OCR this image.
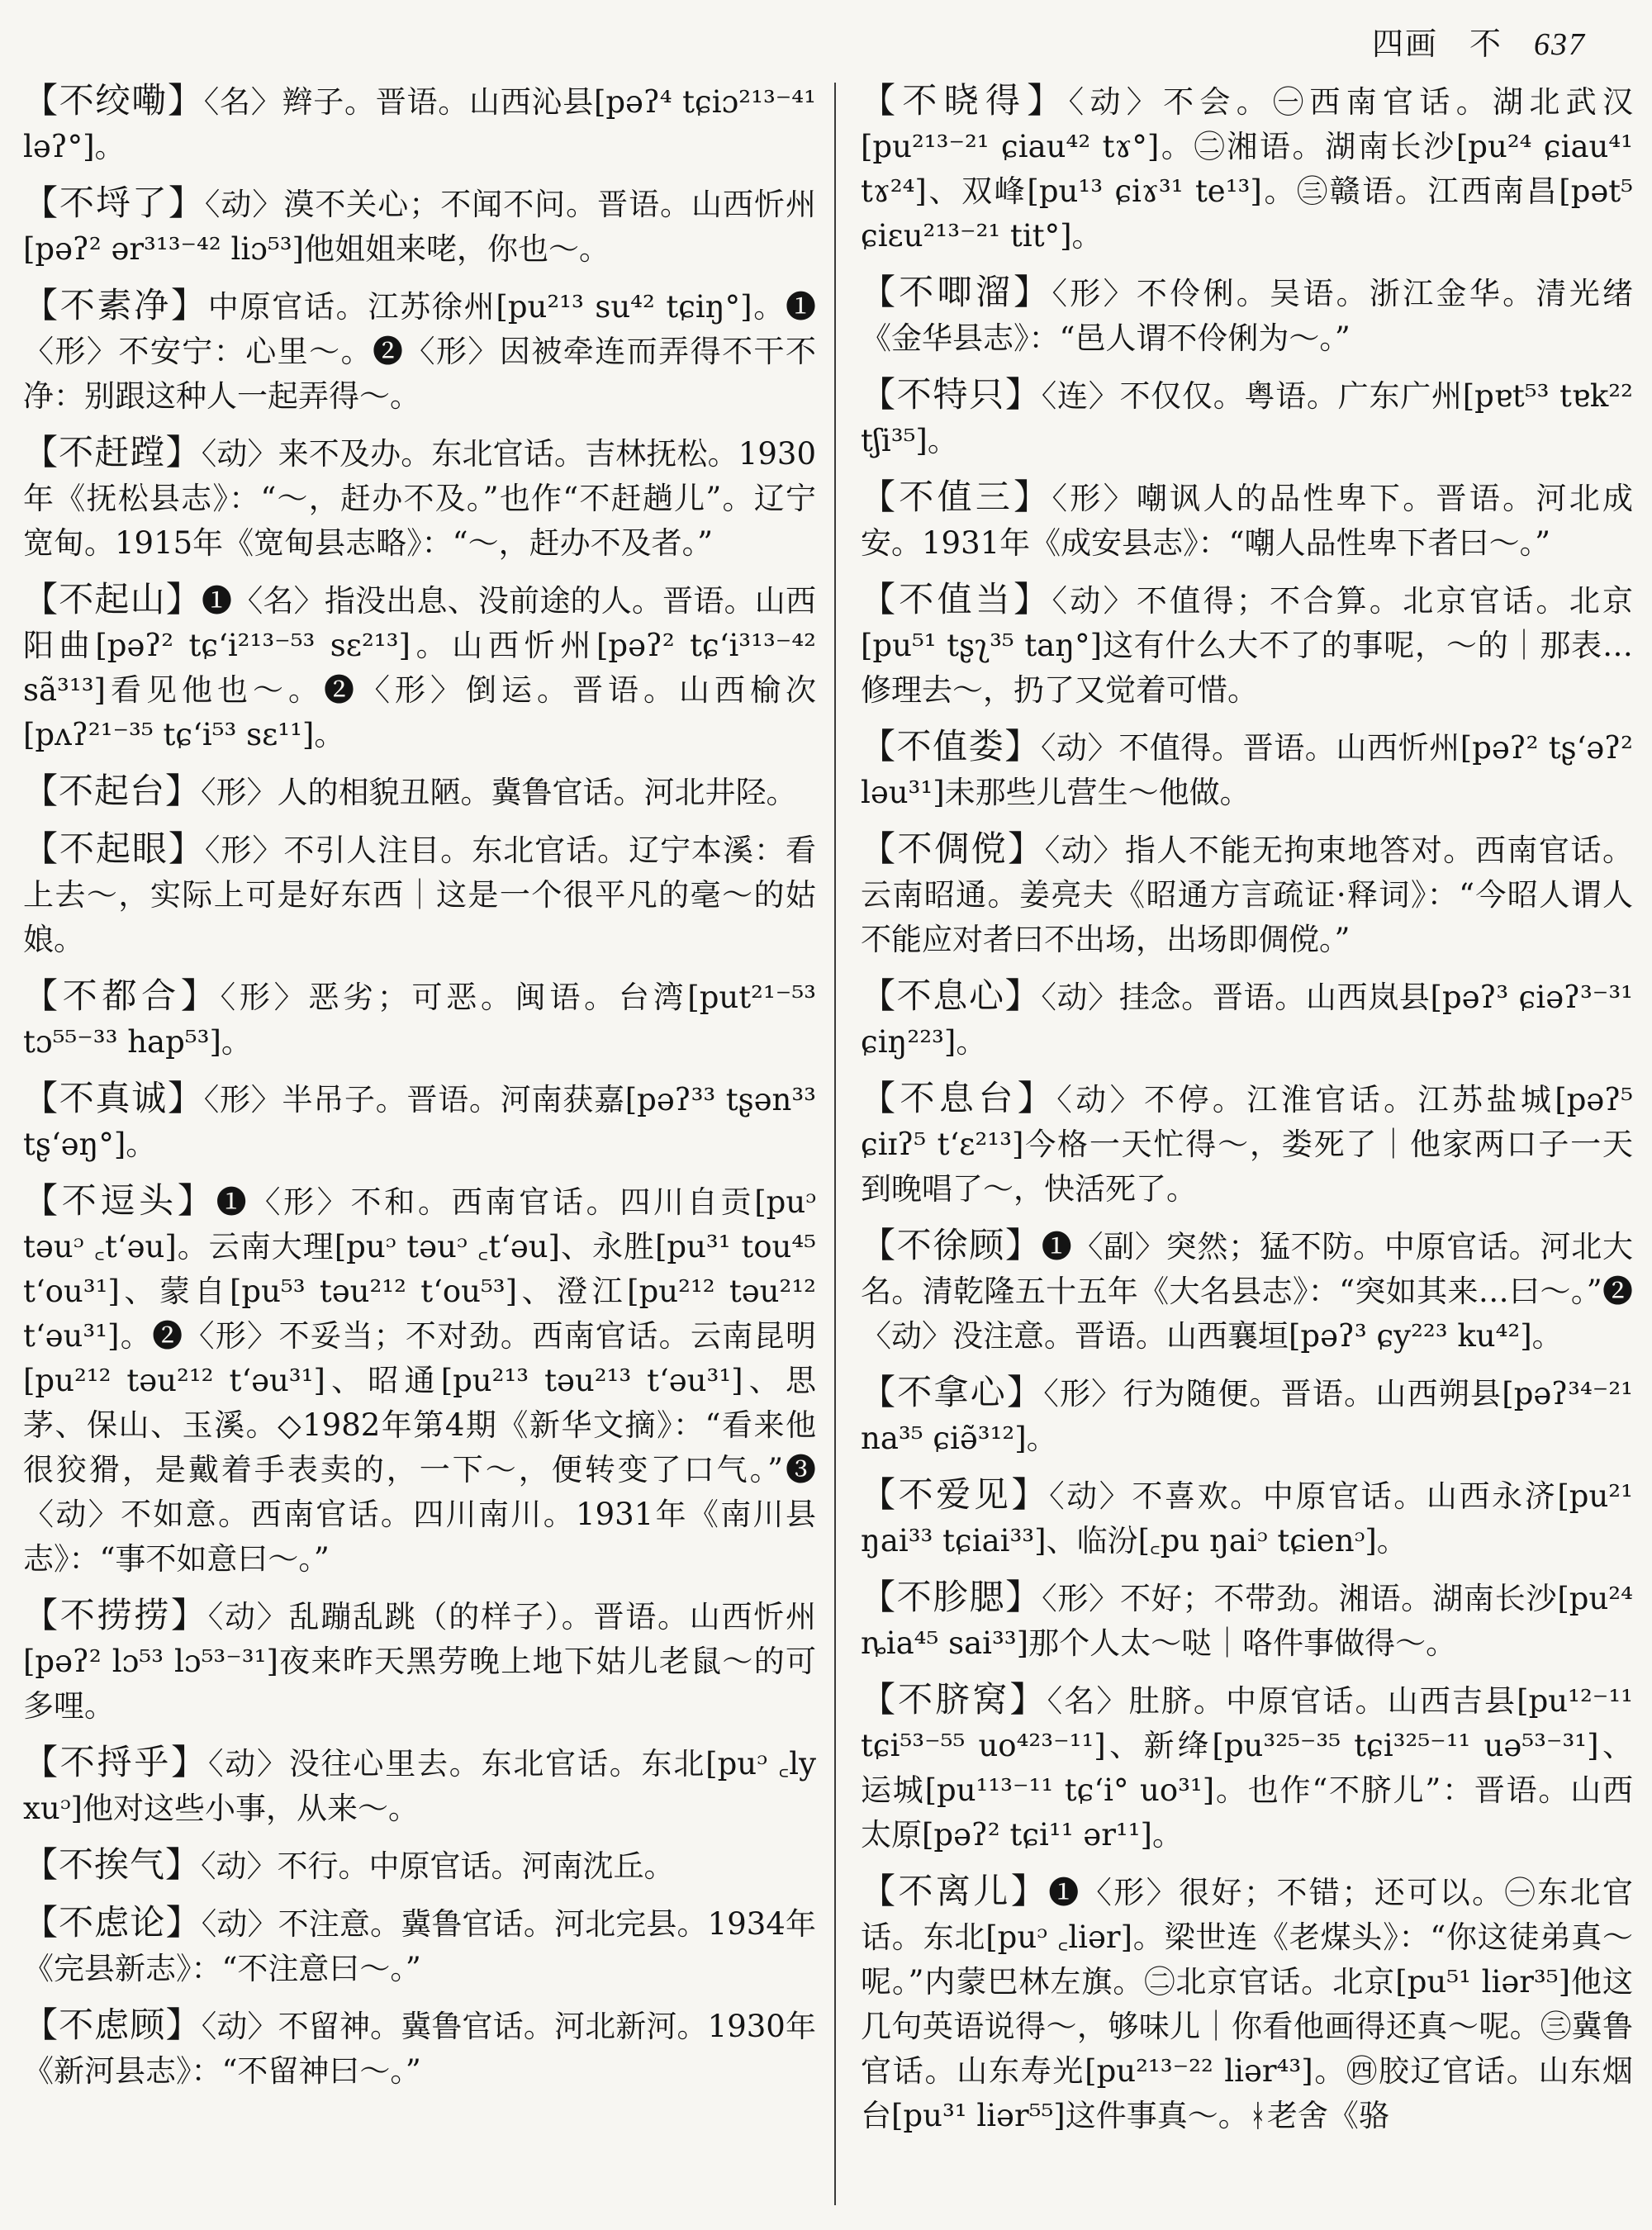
四画 不 637

【不绞嘞】〈名〉辫子。晋语。山西沁县[pəʔ⁴ tɕiɔ²¹³⁻⁴¹ ləʔ°]。

【不埒了】〈动〉漠不关心；不闻不问。晋语。山西忻州[pəʔ² ər³¹³⁻⁴² liɔ⁵³]他姐姐来咾，你也～。

【不素净】中原官话。江苏徐州[pu²¹³ su⁴² tɕiŋ°]。❶〈形〉不安宁：心里～。❷〈形〉因被牵连而弄得不干不净：别跟这种人一起弄得～。

【不赶蹚】〈动〉来不及办。东北官话。吉林抚松。1930年《抚松县志》：“～，赶办不及。”也作“不赶趟儿”。辽宁宽甸。1915年《宽甸县志略》：“～，赶办不及者。”

【不起山】❶〈名〉指没出息、没前途的人。晋语。山西阳曲[pəʔ² tɕʻi²¹³⁻⁵³ sɛ²¹³]。山西忻州[pəʔ² tɕʻi³¹³⁻⁴² sã³¹³]看见他也～。❷〈形〉倒运。晋语。山西榆次[pʌʔ²¹⁻³⁵ tɕʻi⁵³ sɛ¹¹]。

【不起台】〈形〉人的相貌丑陋。冀鲁官话。河北井陉。

【不起眼】〈形〉不引人注目。东北官话。辽宁本溪：看上去～，实际上可是好东西｜这是一个很平凡的毫～的姑娘。

【不都合】〈形〉恶劣；可恶。闽语。台湾[put²¹⁻⁵³ tɔ⁵⁵⁻³³ hap⁵³]。

【不真诚】〈形〉半吊子。晋语。河南获嘉[pəʔ³³ tʂən³³ tʂʻəŋ°]。

【不逗头】❶〈形〉不和。西南官话。四川自贡[puᵓ təuᵓ ꜀tʻəu]。云南大理[puᵓ təuᵓ ꜀tʻəu]、永胜[pu³¹ tou⁴⁵ tʻou³¹]、蒙自[pu⁵³ təu²¹² tʻou⁵³]、澄江[pu²¹² təu²¹² tʻəu³¹]。❷〈形〉不妥当；不对劲。西南官话。云南昆明[pu²¹² təu²¹² tʻəu³¹]、昭通[pu²¹³ təu²¹³ tʻəu³¹]、思茅、保山、玉溪。◇1982年第4期《新华文摘》：“看来他很狡猾，是戴着手表卖的，一下～，便转变了口气。”❸〈动〉不如意。西南官话。四川南川。1931年《南川县志》：“事不如意曰～。”

【不捞捞】〈动〉乱蹦乱跳（的样子）。晋语。山西忻州[pəʔ² lɔ⁵³ lɔ⁵³⁻³¹]夜来昨天黑劳晚上地下姑儿老鼠～的可多哩。

【不捋乎】〈动〉没往心里去。东北官话。东北[puᵓ ꜀ly xuᵓ]他对这些小事，从来～。

【不挨气】〈动〉不行。中原官话。河南沈丘。

【不虑论】〈动〉不注意。冀鲁官话。河北完县。1934年《完县新志》：“不注意曰～。”

【不虑顾】〈动〉不留神。冀鲁官话。河北新河。1930年《新河县志》：“不留神曰～。”

【不晓得】〈动〉不会。㊀西南官话。湖北武汉[pu²¹³⁻²¹ ɕiau⁴² tɤ°]。㊁湘语。湖南长沙[pu²⁴ ɕiau⁴¹ tɤ²⁴]、双峰[pu¹³ ɕiɤ³¹ te¹³]。㊂赣语。江西南昌[pət⁵ ɕiɛu²¹³⁻²¹ tit°]。

【不唧溜】〈形〉不伶俐。吴语。浙江金华。清光绪《金华县志》：“邑人谓不伶俐为～。”

【不特只】〈连〉不仅仅。粤语。广东广州[pɐt⁵³ tɐk²² tʃi³⁵]。

【不值三】〈形〉嘲讽人的品性卑下。晋语。河北成安。1931年《成安县志》：“嘲人品性卑下者曰～。”

【不值当】〈动〉不值得；不合算。北京官话。北京[pu⁵¹ tʂʅ³⁵ taŋ°]这有什么大不了的事呢，～的｜那表…修理去～，扔了又觉着可惜。

【不值娄】〈动〉不值得。晋语。山西忻州[pəʔ² tʂʻəʔ² ləu³¹]未那些儿营生～他做。

【不倜傥】〈动〉指人不能无拘束地答对。西南官话。云南昭通。姜亮夫《昭通方言疏证·释词》：“今昭人谓人不能应对者曰不出场，出场即倜傥。”

【不息心】〈动〉挂念。晋语。山西岚县[pəʔ³ ɕiəʔ³⁻³¹ ɕiŋ²²³]。

【不息台】〈动〉不停。江淮官话。江苏盐城[pəʔ⁵ ɕiɪʔ⁵ tʻɛ²¹³]今格一天忙得～，娄死了｜他家两口子一天到晚唱了～，快活死了。

【不徐顾】❶〈副〉突然；猛不防。中原官话。河北大名。清乾隆五十五年《大名县志》：“突如其来…曰～。”❷〈动〉没注意。晋语。山西襄垣[pəʔ³ ɕy²²³ ku⁴²]。

【不拿心】〈形〉行为随便。晋语。山西朔县[pəʔ³⁴⁻²¹ na³⁵ ɕiə̃³¹²]。

【不爱见】〈动〉不喜欢。中原官话。山西永济[pu²¹ ŋai³³ tɕiai³³]、临汾[꜀pu ŋaiᵓ tɕienᵓ]。

【不胗腮】〈形〉不好；不带劲。湘语。湖南长沙[pu²⁴ ȵia⁴⁵ sai³³]那个人太～哒｜咯件事做得～。

【不脐窝】〈名〉肚脐。中原官话。山西吉县[pu¹²⁻¹¹ tɕi⁵³⁻⁵⁵ uo⁴²³⁻¹¹]、新绛[pu³²⁵⁻³⁵ tɕi³²⁵⁻¹¹ uə⁵³⁻³¹]、运城[pu¹¹³⁻¹¹ tɕʻi° uo³¹]。也作“不脐儿”：晋语。山西太原[pəʔ² tɕi¹¹ ər¹¹]。

【不离儿】❶〈形〉很好；不错；还可以。㊀东北官话。东北[puᵓ ꜀liər]。梁世连《老煤头》：“你这徒弟真～呢。”内蒙巴林左旗。㊁北京官话。北京[pu⁵¹ liər³⁵]他这几句英语说得～，够味儿｜你看他画得还真～呢。㊂冀鲁官话。山东寿光[pu²¹³⁻²² liər⁴³]。㊃胶辽官话。山东烟台[pu³¹ liər⁵⁵]这件事真～。ᚼ老舍《骆
